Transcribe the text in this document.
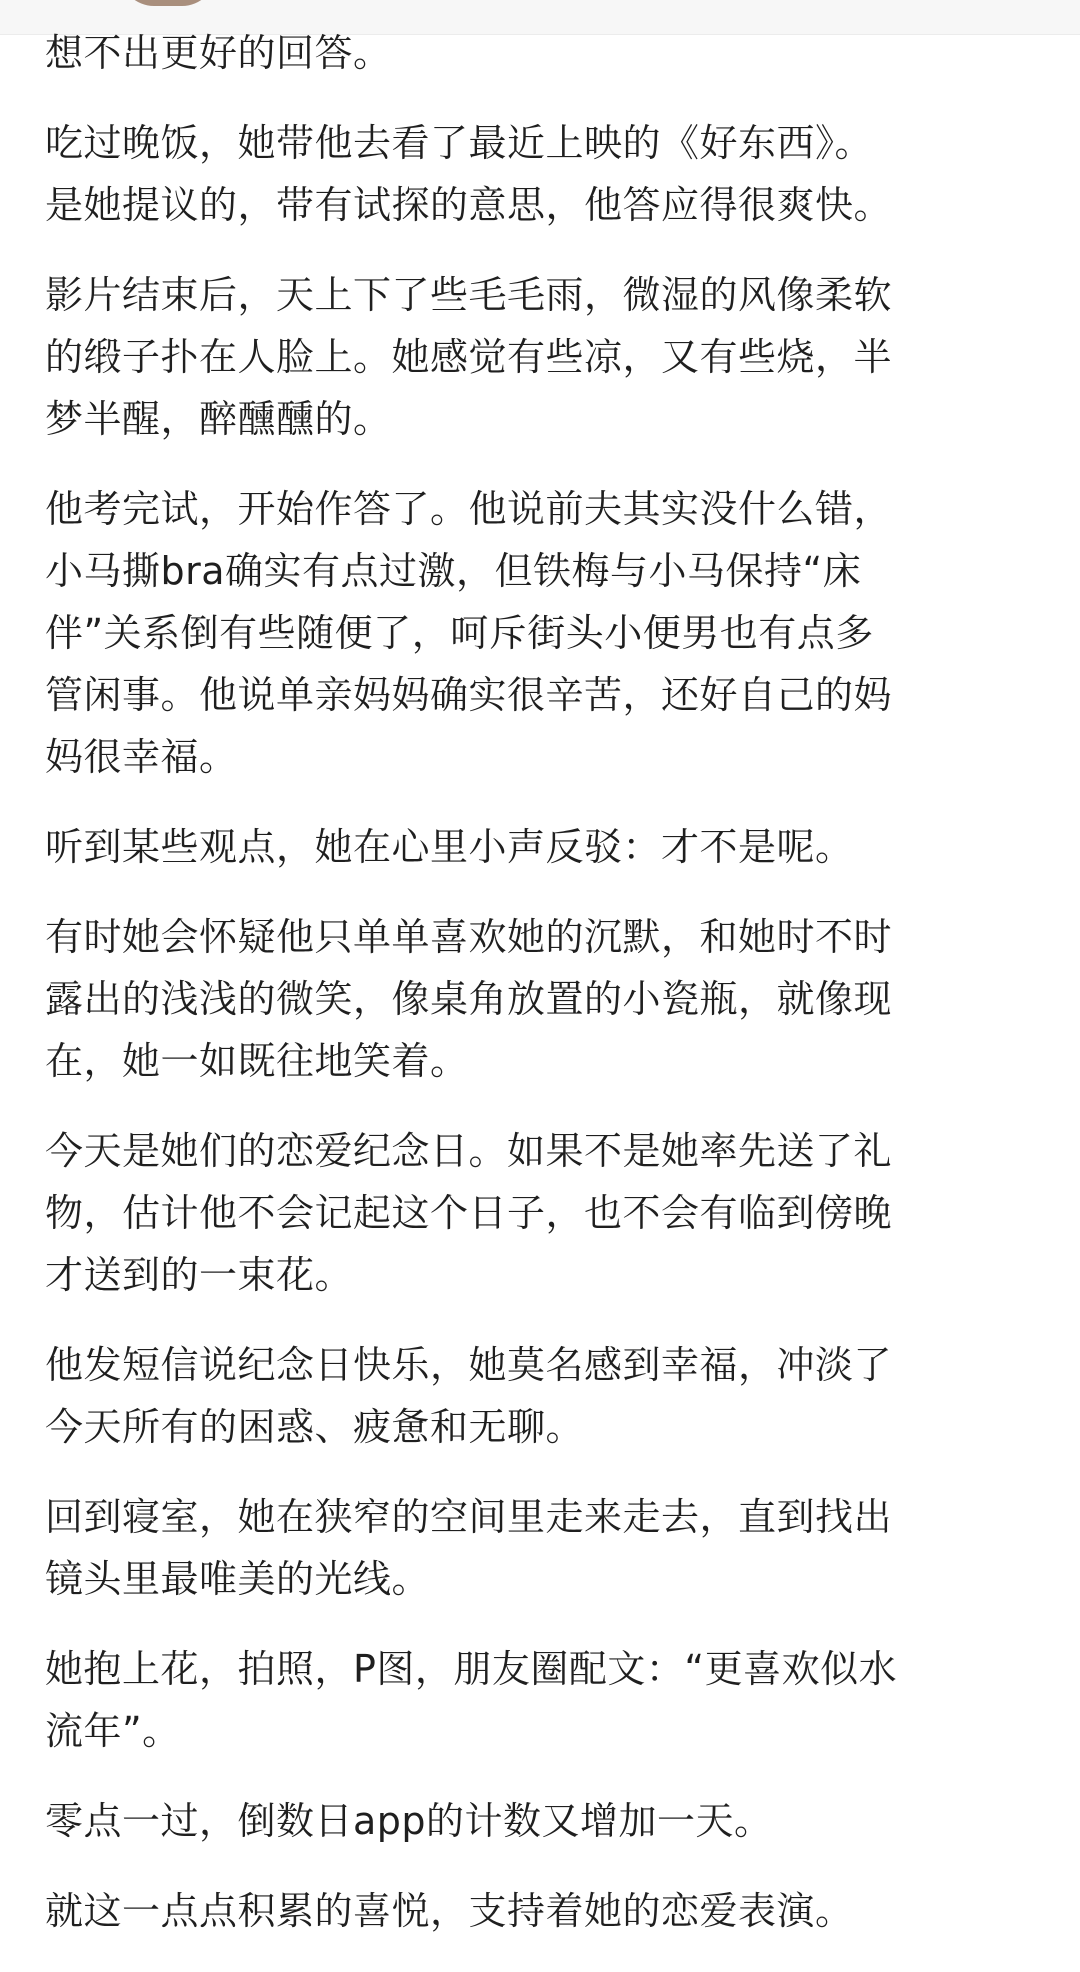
想不出更好的回答。

吃过晚饭，她带他去看了最近上映的《好东西》。
是她提议的，带有试探的意思，他答应得很爽快。

影片结束后，天上下了些毛毛雨，微湿的风像柔软
的缎子扑在人脸上。她感觉有些凉，又有些烧，半
梦半醒，醉醺醺的。

他考完试，开始作答了。他说前夫其实没什么错，
小马撕bra确实有点过激，但铁梅与小马保持“床
伴”关系倒有些随便了，呵斥街头小便男也有点多
管闲事。他说单亲妈妈确实很辛苦，还好自己的妈
妈很幸福。

听到某些观点，她在心里小声反驳：才不是呢。

有时她会怀疑他只单单喜欢她的沉默，和她时不时
露出的浅浅的微笑，像桌角放置的小瓷瓶，就像现
在，她一如既往地笑着。

今天是她们的恋爱纪念日。如果不是她率先送了礼
物，估计他不会记起这个日子，也不会有临到傍晚
才送到的一束花。

他发短信说纪念日快乐，她莫名感到幸福，冲淡了
今天所有的困惑、疲惫和无聊。

回到寝室，她在狭窄的空间里走来走去，直到找出
镜头里最唯美的光线。

她抱上花，拍照，P图，朋友圈配文：“更喜欢似水
流年”。

零点一过，倒数日app的计数又增加一天。

就这一点点积累的喜悦，支持着她的恋爱表演。
